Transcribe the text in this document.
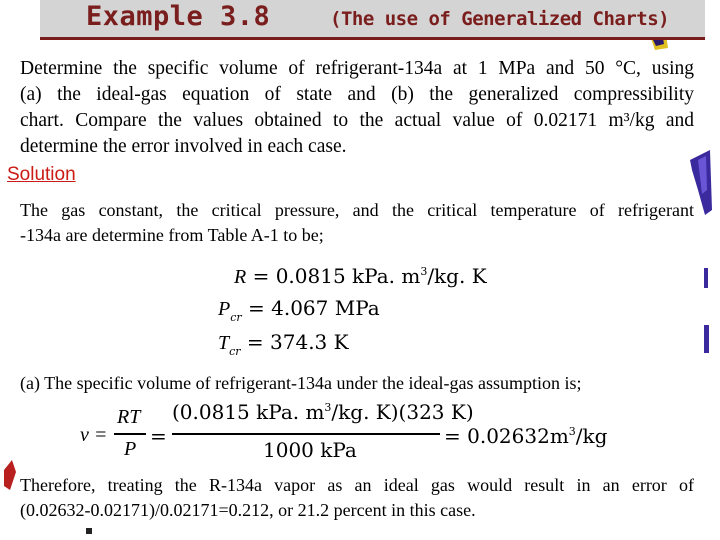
Example 3.8	(The use of Generalized Charts)
Determine the specific volume of refrigerant-134a at 1 MPa and 50 °C, using
(a) the ideal-gas equation of state and (b) the generalized compressibility
chart. Compare the values obtained to the actual value of 0.02171 m³/kg and
determine the error involved in each case.
Solution
The gas constant, the critical pressure, and the critical temperature of refrigerant
-134a are determine from Table A-1 to be;
R = 0.0815 kPa. $m^3/kg$. K
$P_{cr} = 4.067$ MPa
$T_{cr} = 374.3$ K
(a) The specific volume of refrigerant-134a under the ideal-gas assumption is;
v =
RT
P
=
(0.0815 kPa. $m^3/kg$. K)(323 K)
1000 kPa
= $0.02632m^3/kg$
Therefore, treating the R-134a vapor as an ideal gas would result in an error of
(0.02632-0.02171)/0.02171=0.212, or 21.2 percent in this case.
